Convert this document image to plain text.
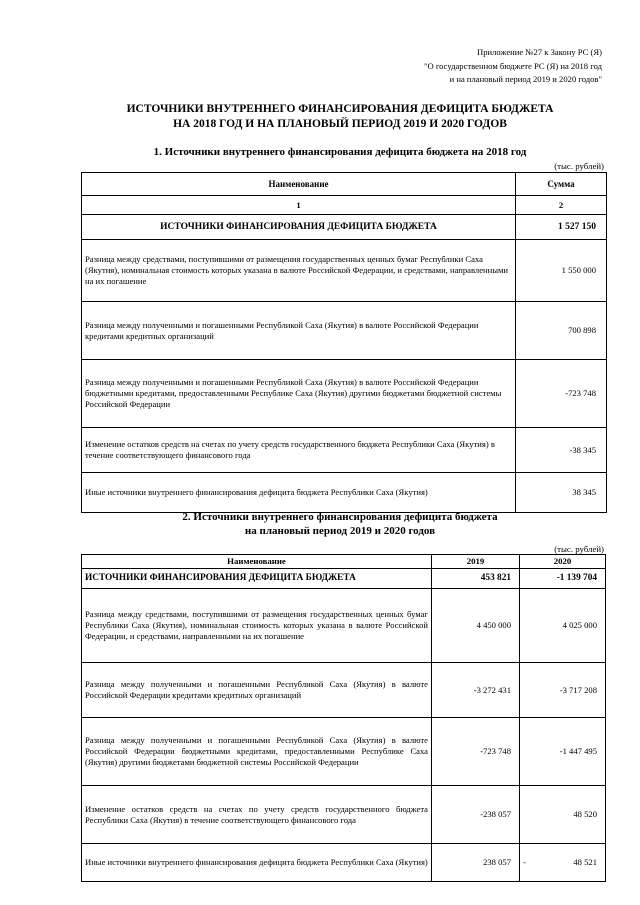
Приложение №27 к Закону РС (Я)
"О государственном бюджете РС (Я) на 2018 год
и на плановый период 2019 и 2020 годов"
ИСТОЧНИКИ ВНУТРЕННЕГО ФИНАНСИРОВАНИЯ ДЕФИЦИТА БЮДЖЕТА
НА 2018 ГОД И НА ПЛАНОВЫЙ ПЕРИОД 2019 И 2020 ГОДОВ
1. Источники внутреннего финансирования дефицита бюджета на 2018 год
(тыс. рублей)
Наименование	Сумма
1	2
ИСТОЧНИКИ ФИНАНСИРОВАНИЯ ДЕФИЦИТА БЮДЖЕТА	1 527 150
Разница между средствами, поступившими от размещения государственных ценных бумаг Республики Саха (Якутия), номинальная стоимость которых указана в валюте Российской Федерации, и средствами, направленными на их погашение	1 550 000
Разница между полученными и погашенными Республикой Саха (Якутия) в валюте Российской Федерации кредитами кредитных организаций	700 898
Разница между полученными и погашенными Республикой Саха (Якутия) в валюте Российской Федерации бюджетными кредитами, предоставленными Республике Саха (Якутия) другими бюджетами бюджетной системы Российской Федерации	-723 748
Изменение остатков средств на счетах по учету средств государственного бюджета Республики Саха (Якутия) в течение соответствующего финансового года	-38 345
Иные источники внутреннего финансирования дефицита бюджета Республики Саха (Якутия)	38 345
2. Источники внутреннего финансирования дефицита бюджета
на плановый период 2019 и 2020 годов
(тыс. рублей)
Наименование	2019	2020
ИСТОЧНИКИ ФИНАНСИРОВАНИЯ ДЕФИЦИТА БЮДЖЕТА	453 821	-1 139 704
Разница между средствами, поступившими от размещения государственных ценных бумаг Республики Саха (Якутия), номинальная стоимость которых указана в валюте Российской Федерации, и средствами, направленными на их погашение	4 450 000	4 025 000
Разница между полученными и погашенными Республикой Саха (Якутия) в валюте Российской Федерации кредитами кредитных организаций	-3 272 431	-3 717 208
Разница между полученными и погашенными Республикой Саха (Якутия) в валюте Российской Федерации бюджетными кредитами, предоставленными Республике Саха (Якутия) другими бюджетами бюджетной системы Российской Федерации	-723 748	-1 447 495
Изменение остатков средств на счетах по учету средств государственного бюджета Республики Саха (Якутия) в течение соответствующего финансового года	-238 057	48 520
Иные источники внутреннего финансирования дефицита бюджета Республики Саха (Якутия)	238 057	- 48 521
